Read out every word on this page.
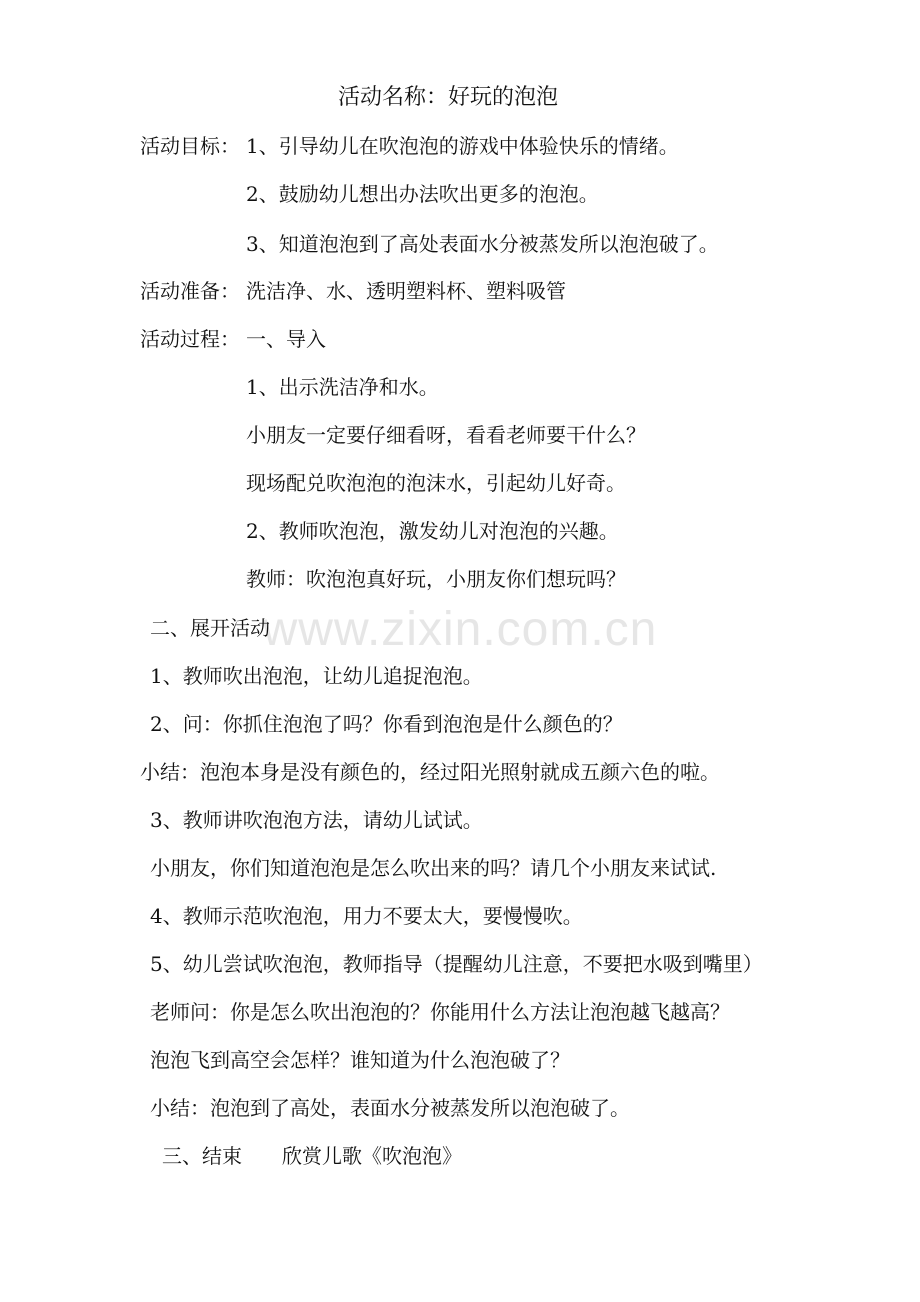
www.zixin.com.cn
活动名称：好玩的泡泡
活动目标： 1、引导幼儿在吹泡泡的游戏中体验快乐的情绪。
2、鼓励幼儿想出办法吹出更多的泡泡。
3、知道泡泡到了高处表面水分被蒸发所以泡泡破了。
活动准备： 洗洁净、水、透明塑料杯、塑料吸管
活动过程： 一、导入
1、出示洗洁净和水。
小朋友一定要仔细看呀，看看老师要干什么？
现场配兑吹泡泡的泡沫水，引起幼儿好奇。
2、教师吹泡泡，激发幼儿对泡泡的兴趣。
教师：吹泡泡真好玩，小朋友你们想玩吗？
二、展开活动
1、教师吹出泡泡，让幼儿追捉泡泡。
2、问：你抓住泡泡了吗？你看到泡泡是什么颜色的？
小结：泡泡本身是没有颜色的，经过阳光照射就成五颜六色的啦。
3、教师讲吹泡泡方法，请幼儿试试。
小朋友，你们知道泡泡是怎么吹出来的吗？请几个小朋友来试试.
4、教师示范吹泡泡，用力不要太大，要慢慢吹。
5、幼儿尝试吹泡泡，教师指导（提醒幼儿注意，不要把水吸到嘴里）
老师问：你是怎么吹出泡泡的？你能用什么方法让泡泡越飞越高？
泡泡飞到高空会怎样？谁知道为什么泡泡破了？
小结：泡泡到了高处，表面水分被蒸发所以泡泡破了。
三、结束 欣赏儿歌《吹泡泡》
